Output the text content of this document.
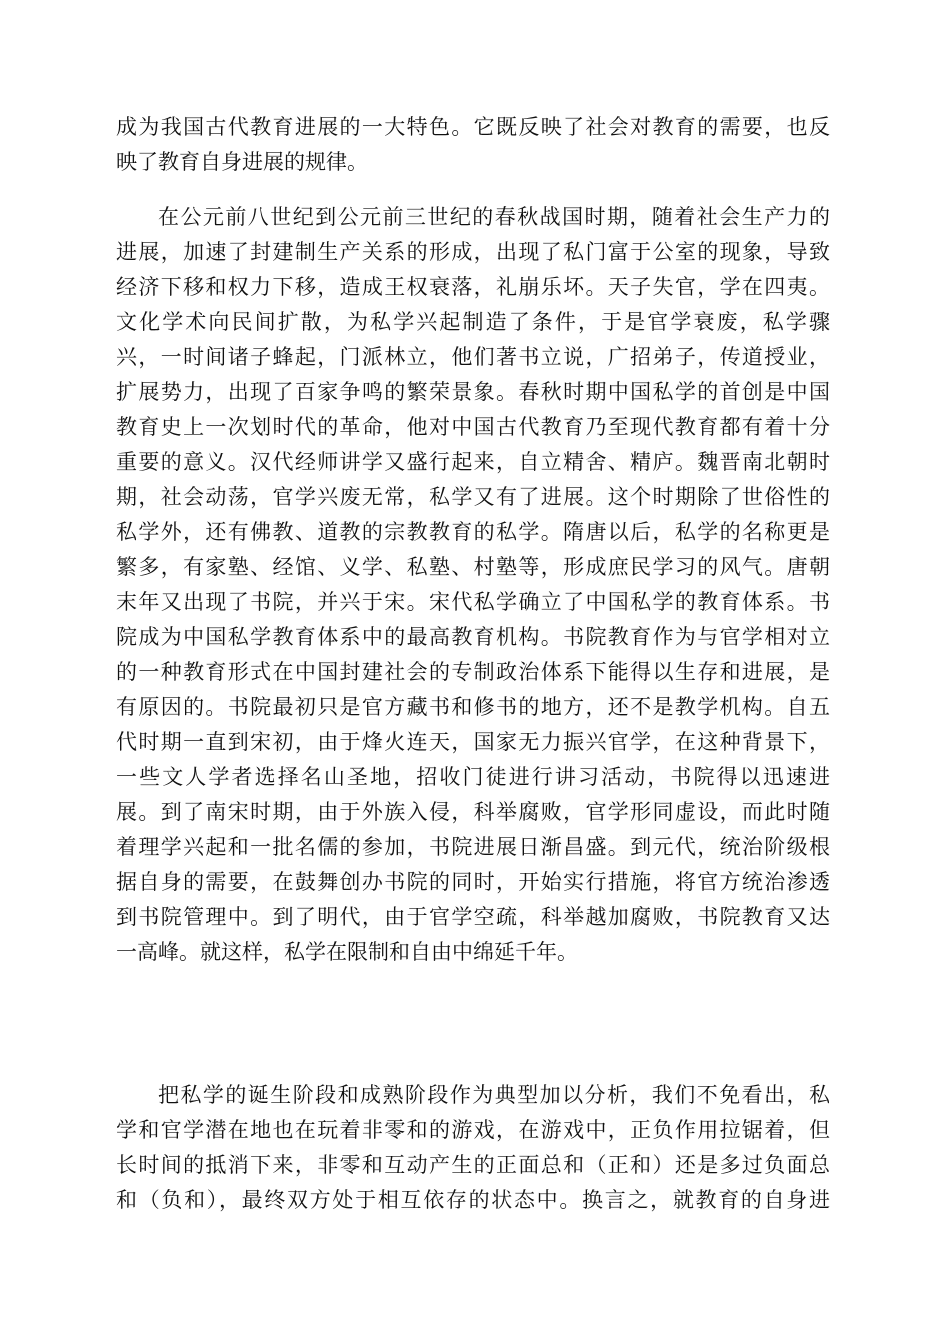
成为我国古代教育进展的一大特色。它既反映了社会对教育的需要，也反
映了教育自身进展的规律。
在公元前八世纪到公元前三世纪的春秋战国时期，随着社会生产力的
进展，加速了封建制生产关系的形成，出现了私门富于公室的现象，导致
经济下移和权力下移，造成王权衰落，礼崩乐坏。天子失官，学在四夷。
文化学术向民间扩散，为私学兴起制造了条件，于是官学衰废，私学骤
兴，一时间诸子蜂起，门派林立，他们著书立说，广招弟子，传道授业，
扩展势力，出现了百家争鸣的繁荣景象。春秋时期中国私学的首创是中国
教育史上一次划时代的革命，他对中国古代教育乃至现代教育都有着十分
重要的意义。汉代经师讲学又盛行起来，自立精舍、精庐。魏晋南北朝时
期，社会动荡，官学兴废无常，私学又有了进展。这个时期除了世俗性的
私学外，还有佛教、道教的宗教教育的私学。隋唐以后，私学的名称更是
繁多，有家塾、经馆、义学、私塾、村塾等，形成庶民学习的风气。唐朝
末年又出现了书院，并兴于宋。宋代私学确立了中国私学的教育体系。书
院成为中国私学教育体系中的最高教育机构。书院教育作为与官学相对立
的一种教育形式在中国封建社会的专制政治体系下能得以生存和进展，是
有原因的。书院最初只是官方藏书和修书的地方，还不是教学机构。自五
代时期一直到宋初，由于烽火连天，国家无力振兴官学，在这种背景下，
一些文人学者选择名山圣地，招收门徒进行讲习活动，书院得以迅速进
展。到了南宋时期，由于外族入侵，科举腐败，官学形同虚设，而此时随
着理学兴起和一批名儒的参加，书院进展日渐昌盛。到元代，统治阶级根
据自身的需要，在鼓舞创办书院的同时，开始实行措施，将官方统治渗透
到书院管理中。到了明代，由于官学空疏，科举越加腐败，书院教育又达
一高峰。就这样，私学在限制和自由中绵延千年。
把私学的诞生阶段和成熟阶段作为典型加以分析，我们不免看出，私
学和官学潜在地也在玩着非零和的游戏，在游戏中，正负作用拉锯着，但
长时间的抵消下来，非零和互动产生的正面总和（正和）还是多过负面总
和（负和），最终双方处于相互依存的状态中。换言之，就教育的自身进
